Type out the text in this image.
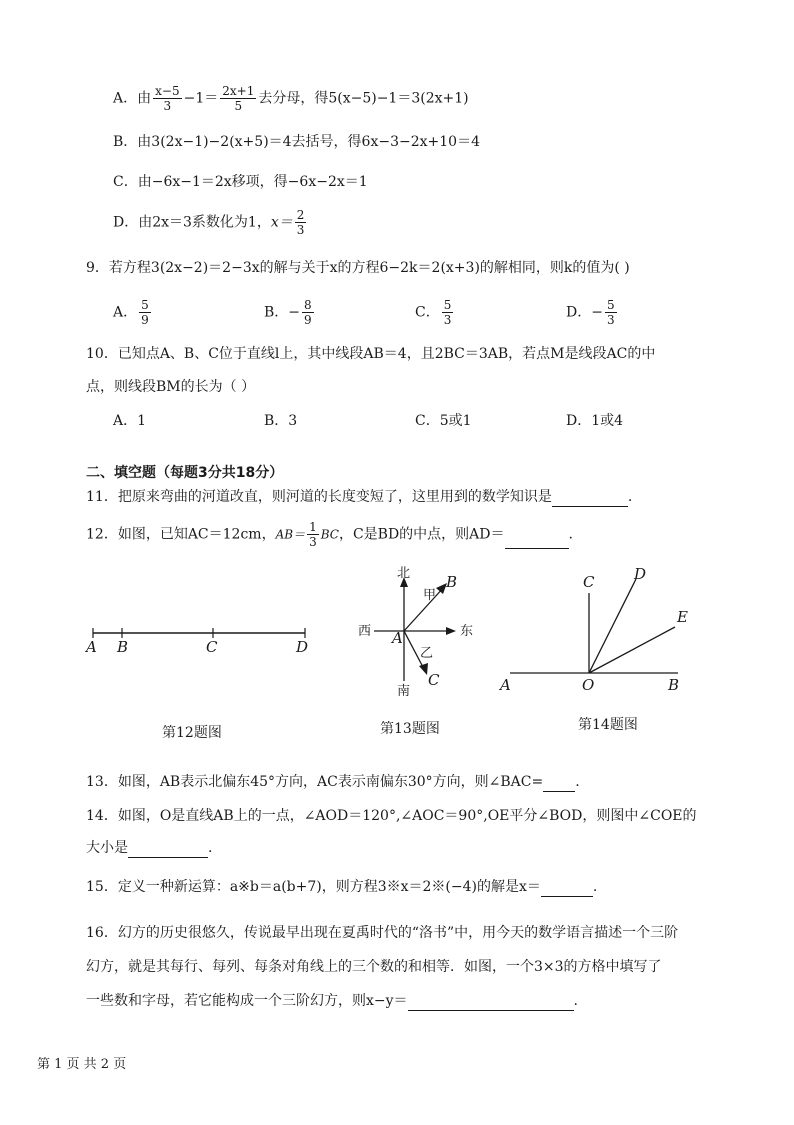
A．由 $\frac{x-5}{3} -1= \frac{2x+1}{5}$ 去分母，得5(x−5)−1＝3(2x+1)
B．由3(2x−1)−2(x+5)＝4去括号，得6x−3−2x+10＝4
C．由−6x−1＝2x移项，得−6x−2x＝1
D．由2x＝3系数化为1，$x= \frac{2}{3}$
9．若方程3(2x−2)＝2−3x的解与关于x的方程6−2k＝2(x+3)的解相同，则k的值为( )
A． $\frac{5}{9}$	B．− $\frac{8}{9}$	C． $\frac{5}{3}$	D．− $\frac{5}{3}$
10．已知点A、B、C位于直线l上，其中线段AB＝4，且2BC＝3AB，若点M是线段AC的中
点，则线段BM的长为（ ）
A．1	B．3	C．5或1	D．1或4
二、填空题（每题3分共18分）
11．把原来弯曲的河道改直，则河道的长度变短了，这里用到的数学知识是	.
12．如图，已知AC＝12cm，$AB= \frac{1}{3}$ BC，C是BD的中点，则AD＝	.
A B	C	D
北
南
东
西
甲
乙
A
B
C	A	O	B
C	D
E
第12题图	第13题图	第14题图
13．如图，AB表示北偏东45°方向，AC表示南偏东30°方向，则∠BAC= .
14．如图，O是直线AB上的一点，∠AOD＝120°,∠AOC＝90°,OE平分∠BOD，则图中∠COE的
大小是	.
15．定义一种新运算：a※b＝a(b+7)，则方程3※x＝2※(−4)的解是x＝	.
16．幻方的历史很悠久，传说最早出现在夏禹时代的“洛书”中，用今天的数学语言描述一个三阶
幻方，就是其每行、每列、每条对角线上的三个数的和相等．如图，一个3×3的方格中填写了
一些数和字母，若它能构成一个三阶幻方，则x−y＝	.
第 1 页 共 2 页
